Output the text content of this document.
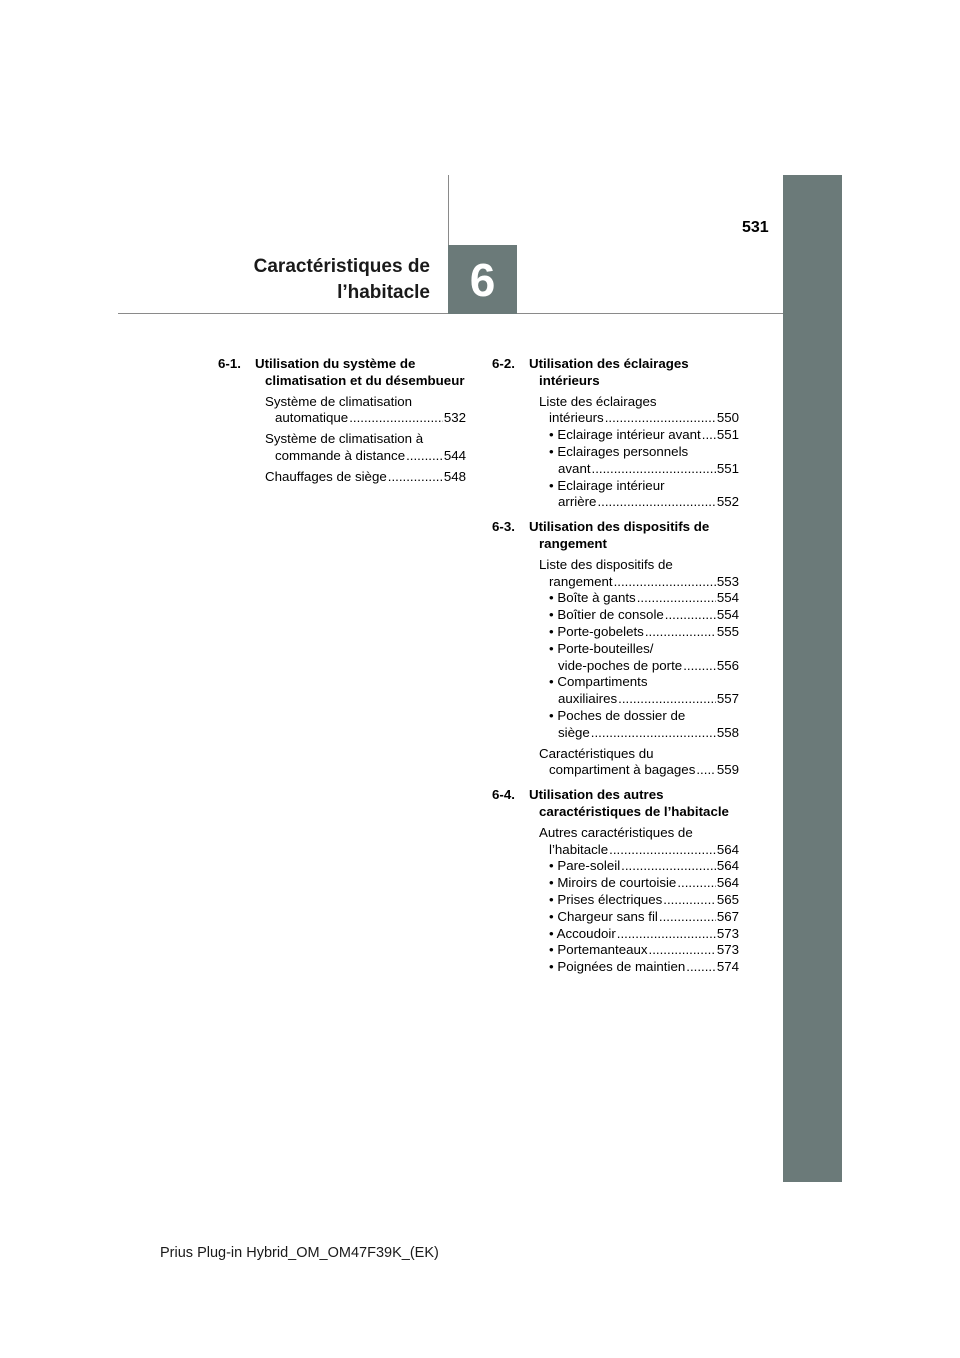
531
6
Caractéristiques de
l’habitacle
6-1.	Utilisation du système de climatisation et du désembueur
Système de climatisation
automatique .....	532
Système de climatisation à
commande à distance .....	544
Chauffages de siège .....	548
6-2.	Utilisation des éclairages intérieurs
Liste des éclairages
intérieurs .....	550
• Eclairage intérieur avant ..... 551
• Eclairages personnels
avant .....	551
• Eclairage intérieur
arrière .....	552
6-3.	Utilisation des dispositifs de rangement
Liste des dispositifs de
rangement .....	553
• Boîte à gants .....	554
• Boîtier de console .....	554
• Porte-gobelets .....	555
• Porte-bouteilles/
vide-poches de porte .....	556
• Compartiments
auxiliaires .....	557
• Poches de dossier de
siège .....	558
Caractéristiques du
compartiment à bagages ..... 559
6-4.	Utilisation des autres caractéristiques de l’habitacle
Autres caractéristiques de
l’habitacle .....	564
• Pare-soleil .....	564
• Miroirs de courtoisie .....	564
• Prises électriques .....	565
• Chargeur sans fil .....	567
• Accoudoir .....	573
• Portemanteaux .....	573
• Poignées de maintien ..... 574
Prius Plug-in Hybrid_OM_OM47F39K_(EK)
